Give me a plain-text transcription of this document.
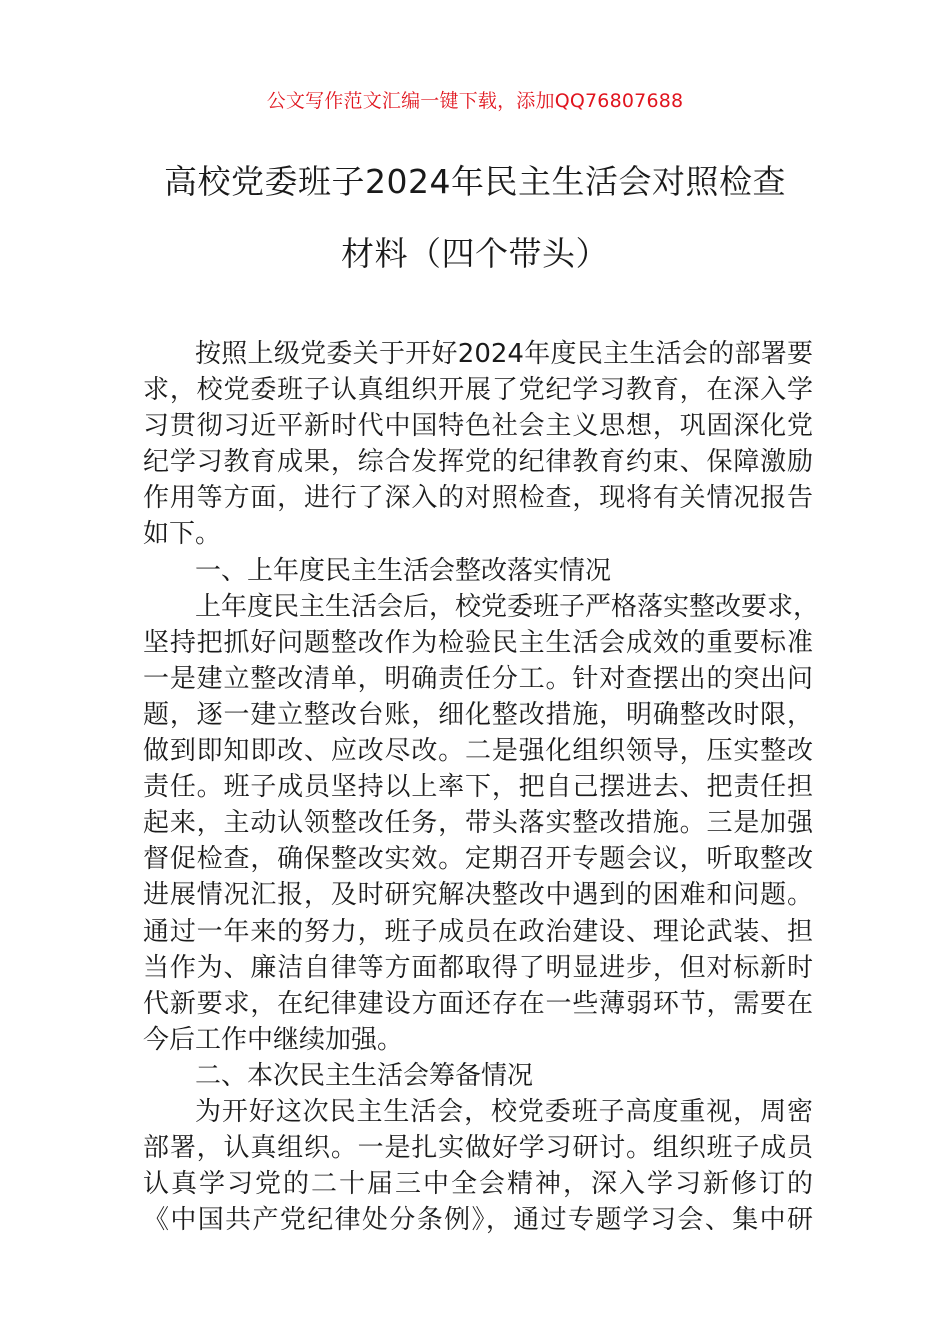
公文写作范文汇编一键下载，添加QQ76807688
高校党委班子2024年民主生活会对照检查
材料（四个带头）
按照上级党委关于开好2024年度民主生活会的部署要
求，校党委班子认真组织开展了党纪学习教育，在深入学
习贯彻习近平新时代中国特色社会主义思想，巩固深化党
纪学习教育成果，综合发挥党的纪律教育约束、保障激励
作用等方面，进行了深入的对照检查，现将有关情况报告
如下。
一、上年度民主生活会整改落实情况
上年度民主生活会后，校党委班子严格落实整改要求，
坚持把抓好问题整改作为检验民主生活会成效的重要标准
一是建立整改清单，明确责任分工。针对查摆出的突出问
题，逐一建立整改台账，细化整改措施，明确整改时限，
做到即知即改、应改尽改。二是强化组织领导，压实整改
责任。班子成员坚持以上率下，把自己摆进去、把责任担
起来，主动认领整改任务，带头落实整改措施。三是加强
督促检查，确保整改实效。定期召开专题会议，听取整改
进展情况汇报，及时研究解决整改中遇到的困难和问题。
通过一年来的努力，班子成员在政治建设、理论武装、担
当作为、廉洁自律等方面都取得了明显进步，但对标新时
代新要求，在纪律建设方面还存在一些薄弱环节，需要在
今后工作中继续加强。
二、本次民主生活会筹备情况
为开好这次民主生活会，校党委班子高度重视，周密
部署，认真组织。一是扎实做好学习研讨。组织班子成员
认真学习党的二十届三中全会精神，深入学习新修订的
《中国共产党纪律处分条例》，通过专题学习会、集中研
